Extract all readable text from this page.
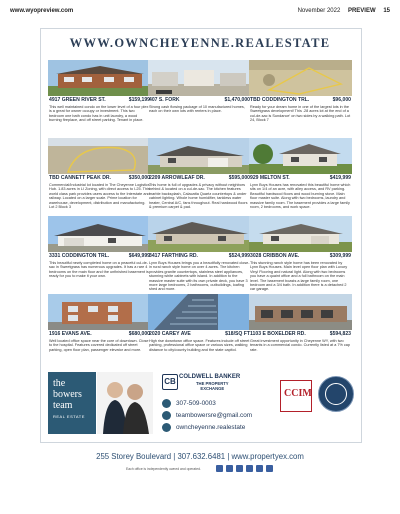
www.wyopreview.com	November 2022 PREVIEW 15
WWW.OWNCHEYENNE.REALESTATE
4917 GREEN RIVER ST.	$159,199
This well maintained condo on the lower level of a four plex is a great for owner occupy or investment. This two bedroom one bath condo has in unit laundry, a wood burning fireplace, and off street parking. Tenant in place.
407 S. FORK	$1,470,000
Strong cash flowing package of 10 manufactured homes, each on their own lots with renters in place.
TBD CODDINGTON TRL.	$96,000
Ready for your dream home in one of the largest lots in the Sweetgrass development! This .28 acres lot at the end of a cul-de-sac is Sundance' on two sides by a walking path. Lot 24, Block 7
TBD CANNETT PEAK DR.	$350,000
Commercial/Industrial lot located in The Cheyenne Logistics Hub. 1.83 acres in LI Zoning, with direct access to I-25. This world class park provides users access to the Interstate and railway. Located on a larger scale. Prime location for warehouse, development, distribution and manufacturing. Lot 2 Block 3
2209 ARROWLEAF DR.	$595,000
This home is full of upgrades & privacy without neighbors behind & located on a cul-de-sac. The kitchen features marble backsplash, Calacatta Quartz countertops & under cabinet lighting. Whole home humidifier, tankless water heater, Central A/C, fans throughout. Real hardwood floors & premium carpet & pad.
929 MELTON ST.	$419,999
Lynn Buys Houses has renovated this beautiful home which sits on 1/4 of an acre, with alley access, and RV parking. Beautiful hardwood floors and wood burning stove. Main floor master suite. Along with two bedrooms, laundry and massive family room. The basement provides a large family room, 2 bedrooms, and work space.
3331 CODDINGTON TRL.	$649,999
This beautiful newly completed home on a peaceful cul-de-sac in Sweetgrass has numerous upgrades. It has a rare 4 bedrooms on the main floor and the unfinished basement is ready for you to make it your own.
3417 FARTHING RD.	$524,999
Lynn Buys Houses brings you a beautifully renovated close-in rural ranch style home on over 4 acres. The kitchen provides granite countertops, stainless steel appliances, stunning white cabinets with island. In addition to the massive master suite with its own private deck, you have 3 more large bedrooms, 2 bathrooms, outbuildings, loafing shed and more.
3028 CRIBBON AVE.	$309,999
This stunning ranch style home has been renovated by Lynn Buys Houses. Main level open floor plan with Luxury Vinyl Flooring and natural light. Along with two bedrooms you have a quaint office and a full bathroom on the main level. The basement boasts a large family room, one bedroom and a 3/4 bath. In addition there is a detached 2 car garage.
1916 EVANS AVE.	$680,000
Well located office space near the core of downtown. Close to the hospital. Features covered dedicated off street parking, open floor plan, passenger elevator and more.
2020 CAREY AVE	$18/SQ FT
High rise downtown office space. Features include off street parking, professional office space or various sizes, walking distance to city/county building and the state capitol.
1103 E BOXELDER RD.	$594,823
Great investment opportunity in Cheyenne WY, with two tenants in a commercial condo. Currently listed at a 7% cap rate.
the
bowers
team
REAL ESTATE
CB COLDWELL BANKER
THE PROPERTY
EXCHANGE
307-509-0003
teambowersre@gmail.com
owncheyenne.realestate
CCIM
255 Storey Boulevard | 307.632.6481 | www.propertyex.com
Each office is independently owned and operated.
